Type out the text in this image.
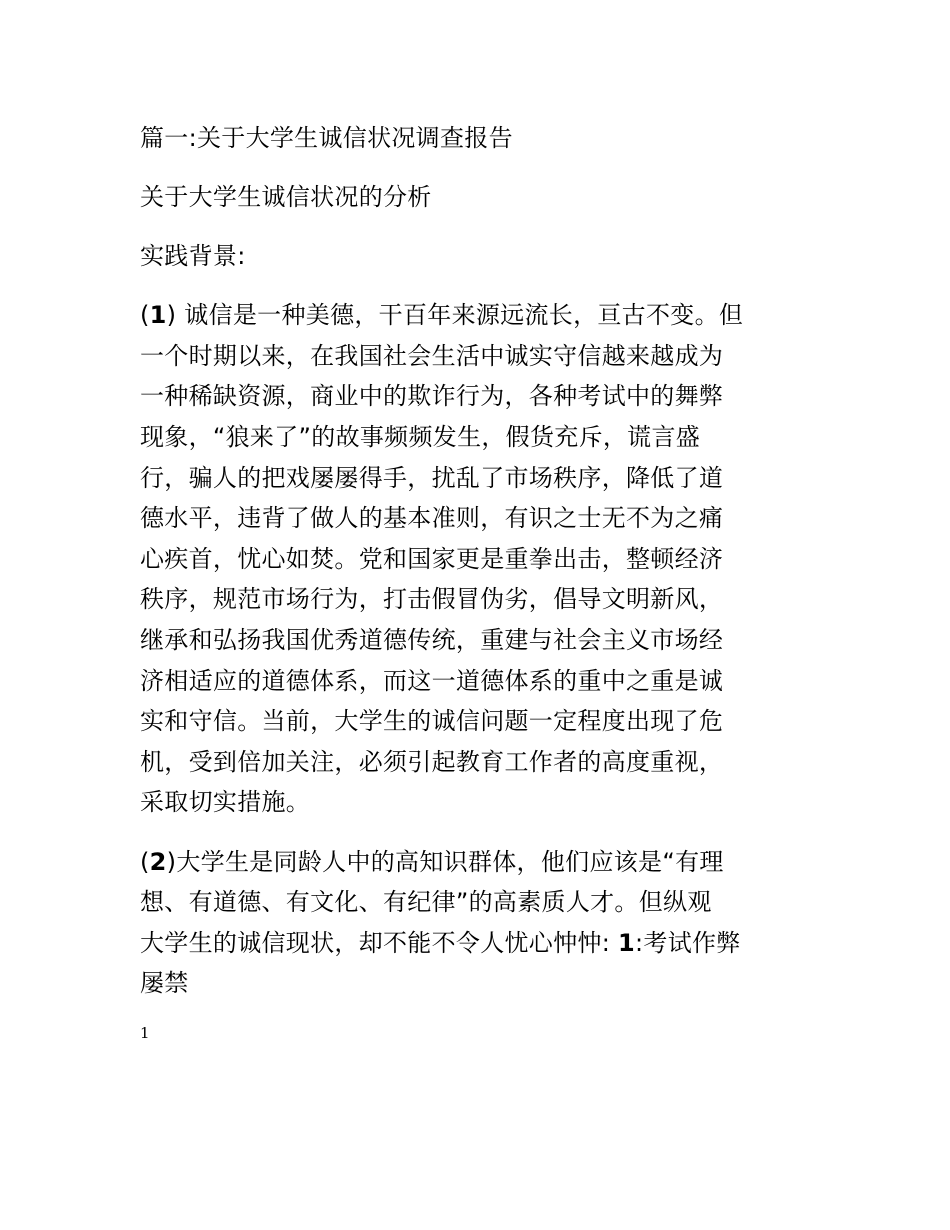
篇一:关于大学生诚信状况调查报告
关于大学生诚信状况的分析
实践背景:
(1) 诚信是一种美德，干百年来源远流长，亘古不变。但
一个时期以来，在我国社会生活中诚实守信越来越成为
一种稀缺资源，商业中的欺诈行为，各种考试中的舞弊
现象，“狼来了”的故事频频发生，假货充斥，谎言盛
行，骗人的把戏屡屡得手，扰乱了市场秩序，降低了道
德水平，违背了做人的基本准则，有识之士无不为之痛
心疾首，忧心如焚。党和国家更是重拳出击，整顿经济
秩序，规范市场行为，打击假冒伪劣，倡导文明新风，
继承和弘扬我国优秀道德传统，重建与社会主义市场经
济相适应的道德体系，而这一道德体系的重中之重是诚
实和守信。当前，大学生的诚信问题一定程度出现了危
机，受到倍加关注，必须引起教育工作者的高度重视，
采取切实措施。
(2)大学生是同龄人中的高知识群体，他们应该是“有理
想、有道德、有文化、有纪律”的高素质人才。但纵观
大学生的诚信现状，却不能不令人忧心忡忡: 1:考试作弊
屡禁
1
